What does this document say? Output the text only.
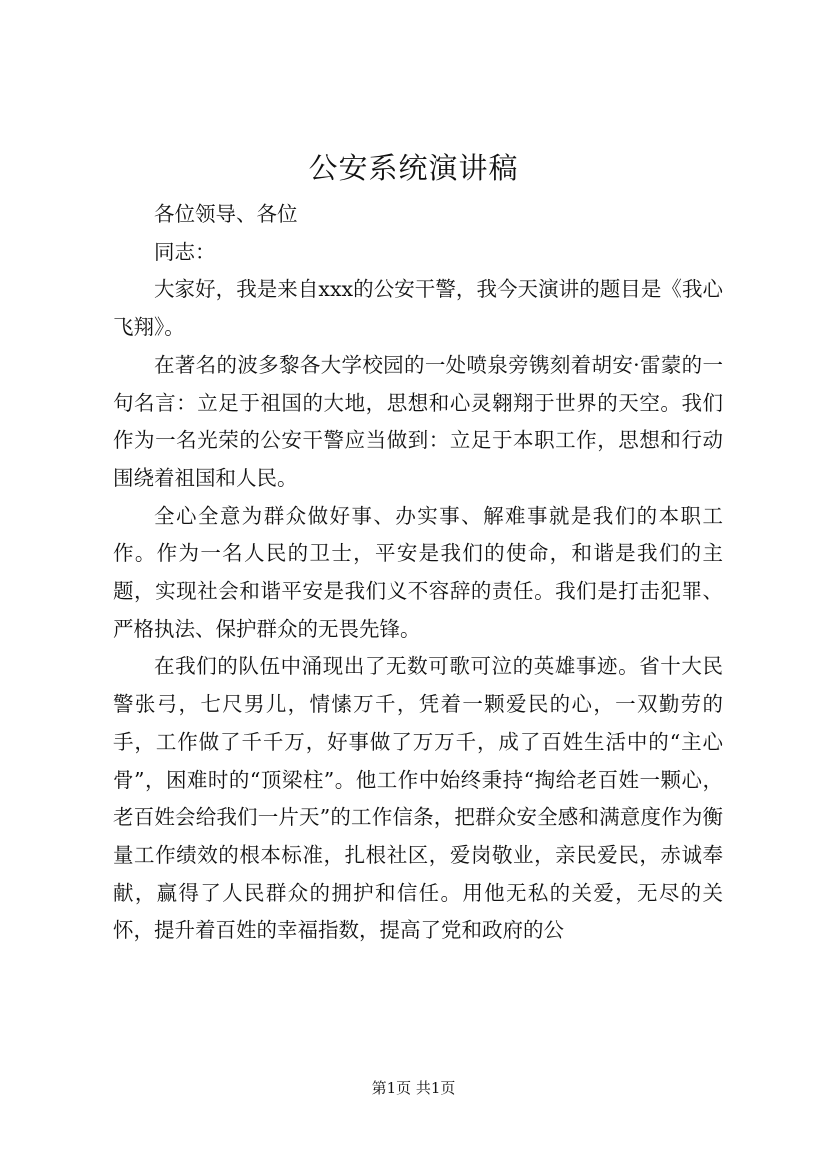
公安系统演讲稿

各位领导、各位

同志：

大家好，我是来自xxx的公安干警，我今天演讲的题目是《我心飞翔》。

在著名的波多黎各大学校园的一处喷泉旁镌刻着胡安·雷蒙的一句名言：立足于祖国的大地，思想和心灵翱翔于世界的天空。我们作为一名光荣的公安干警应当做到：立足于本职工作，思想和行动围绕着祖国和人民。

全心全意为群众做好事、办实事、解难事就是我们的本职工作。作为一名人民的卫士，平安是我们的使命，和谐是我们的主题，实现社会和谐平安是我们义不容辞的责任。我们是打击犯罪、严格执法、保护群众的无畏先锋。

在我们的队伍中涌现出了无数可歌可泣的英雄事迹。省十大民警张弓，七尺男儿，情愫万千，凭着一颗爱民的心，一双勤劳的手，工作做了千千万，好事做了万万千，成了百姓生活中的“主心骨”，困难时的“顶梁柱”。他工作中始终秉持“掏给老百姓一颗心，老百姓会给我们一片天”的工作信条，把群众安全感和满意度作为衡量工作绩效的根本标准，扎根社区，爱岗敬业，亲民爱民，赤诚奉献，赢得了人民群众的拥护和信任。用他无私的关爱，无尽的关怀，提升着百姓的幸福指数，提高了党和政府的公

第1页 共1页
